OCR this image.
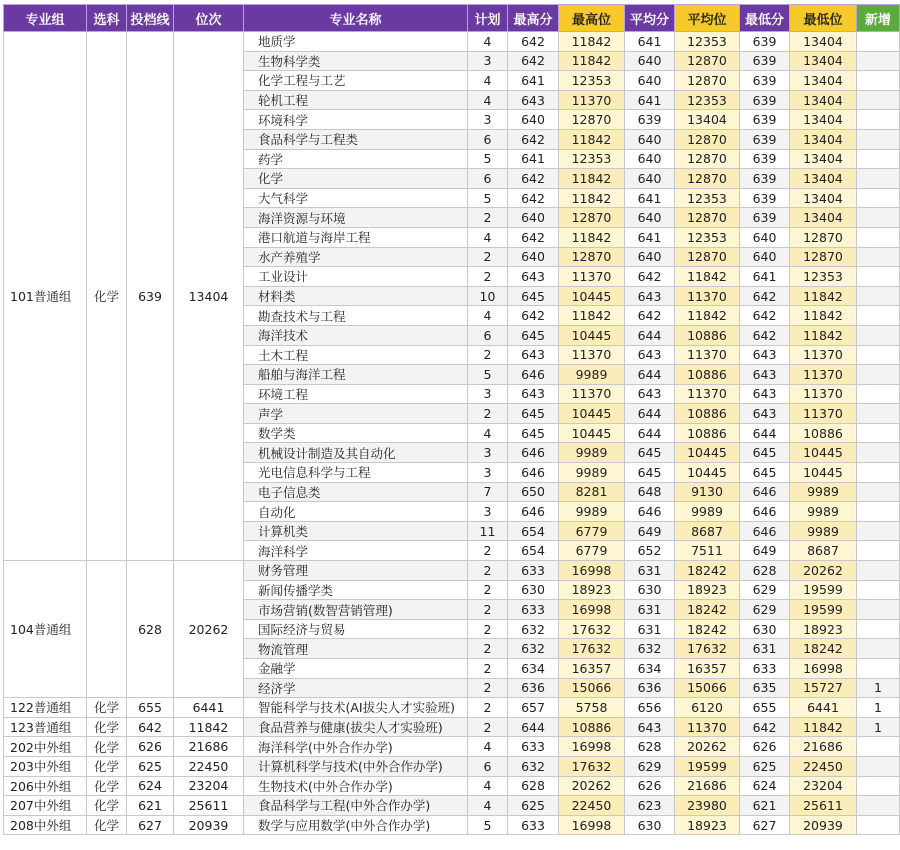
专业组	选科	投档线	位次	专业名称	计划	最高分	最高位	平均分	平均位	最低分	最低位	新增
101普通组	化学	639	13404	地质学	4	642	11842	641	12353	639	13404	
				生物科学类	3	642	11842	640	12870	639	13404	
				化学工程与工艺	4	641	12353	640	12870	639	13404	
				轮机工程	4	643	11370	641	12353	639	13404	
				环境科学	3	640	12870	639	13404	639	13404	
				食品科学与工程类	6	642	11842	640	12870	639	13404	
				药学	5	641	12353	640	12870	639	13404	
				化学	6	642	11842	640	12870	639	13404	
				大气科学	5	642	11842	641	12353	639	13404	
				海洋资源与环境	2	640	12870	640	12870	639	13404	
				港口航道与海岸工程	4	642	11842	641	12353	640	12870	
				水产养殖学	2	640	12870	640	12870	640	12870	
				工业设计	2	643	11370	642	11842	641	12353	
				材料类	10	645	10445	643	11370	642	11842	
				勘查技术与工程	4	642	11842	642	11842	642	11842	
				海洋技术	6	645	10445	644	10886	642	11842	
				土木工程	2	643	11370	643	11370	643	11370	
				船舶与海洋工程	5	646	9989	644	10886	643	11370	
				环境工程	3	643	11370	643	11370	643	11370	
				声学	2	645	10445	644	10886	643	11370	
				数学类	4	645	10445	644	10886	644	10886	
				机械设计制造及其自动化	3	646	9989	645	10445	645	10445	
				光电信息科学与工程	3	646	9989	645	10445	645	10445	
				电子信息类	7	650	8281	648	9130	646	9989	
				自动化	3	646	9989	646	9989	646	9989	
				计算机类	11	654	6779	649	8687	646	9989	
				海洋科学	2	654	6779	652	7511	649	8687	
104普通组		628	20262	财务管理	2	633	16998	631	18242	628	20262	
				新闻传播学类	2	630	18923	630	18923	629	19599	
				市场营销(数智营销管理)	2	633	16998	631	18242	629	19599	
				国际经济与贸易	2	632	17632	631	18242	630	18923	
				物流管理	2	632	17632	632	17632	631	18242	
				金融学	2	634	16357	634	16357	633	16998	
				经济学	2	636	15066	636	15066	635	15727	1
122普通组	化学	655	6441	智能科学与技术(AI拔尖人才实验班)	2	657	5758	656	6120	655	6441	1
123普通组	化学	642	11842	食品营养与健康(拔尖人才实验班)	2	644	10886	643	11370	642	11842	1
202中外组	化学	626	21686	海洋科学(中外合作办学)	4	633	16998	628	20262	626	21686	
203中外组	化学	625	22450	计算机科学与技术(中外合作办学)	6	632	17632	629	19599	625	22450	
206中外组	化学	624	23204	生物技术(中外合作办学)	4	628	20262	626	21686	624	23204	
207中外组	化学	621	25611	食品科学与工程(中外合作办学)	4	625	22450	623	23980	621	25611	
208中外组	化学	627	20939	数学与应用数学(中外合作办学)	5	633	16998	630	18923	627	20939	
